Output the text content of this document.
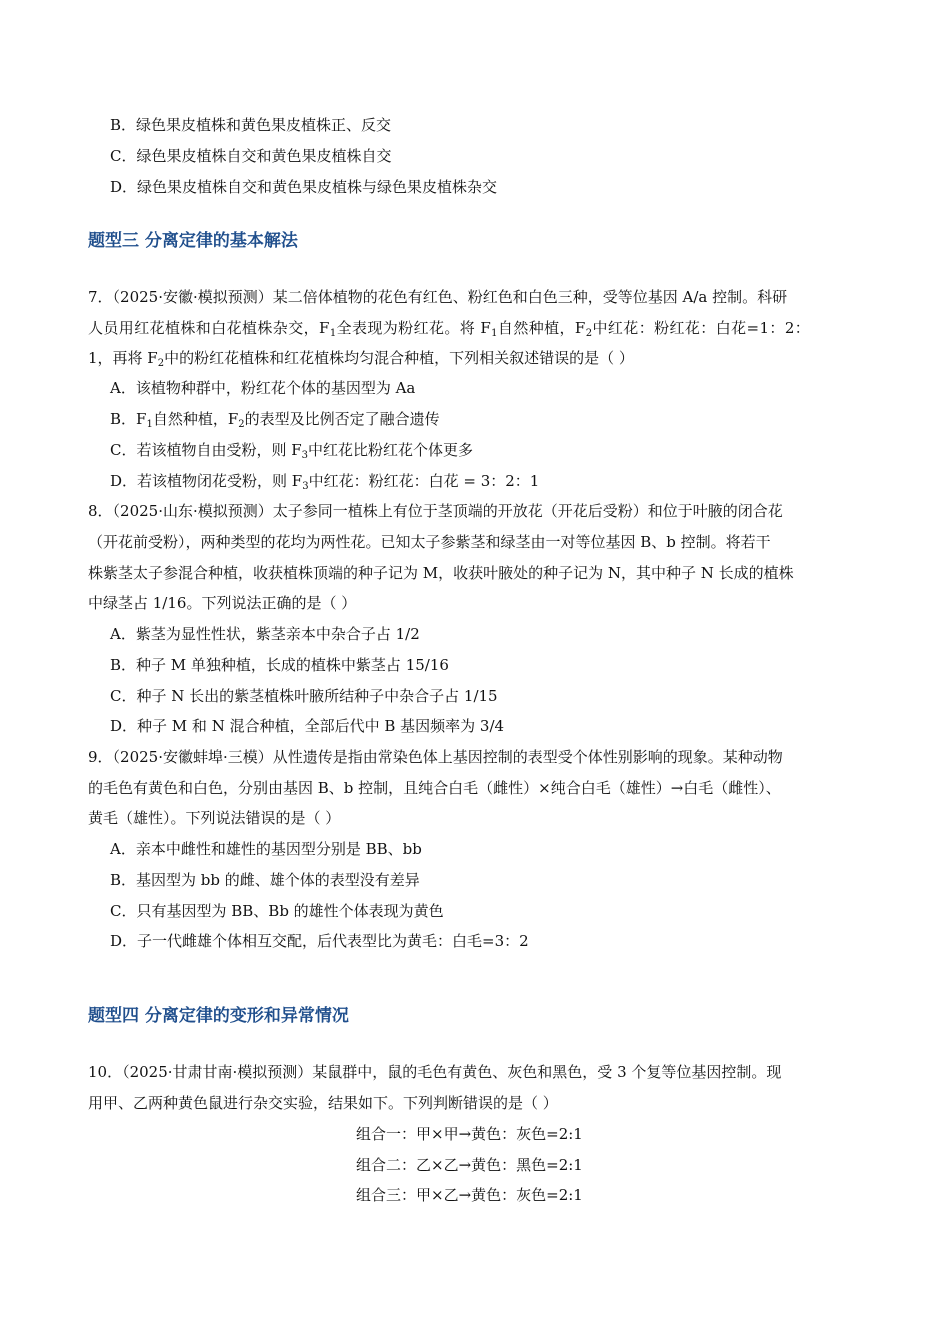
B．绿色果皮植株和黄色果皮植株正、反交
C．绿色果皮植株自交和黄色果皮植株自交
D．绿色果皮植株自交和黄色果皮植株与绿色果皮植株杂交
题型三 分离定律的基本解法
7．（2025·安徽·模拟预测）某二倍体植物的花色有红色、粉红色和白色三种，受等位基因 A/a 控制。科研
人员用红花植株和白花植株杂交，$F_1$全表现为粉红花。将 $F_1$自然种植，$F_2$中红花：粉红花：白花=1：2：
1，再将 $F_2$中的粉红花植株和红花植株均匀混合种植，下列相关叙述错误的是（ ）
A．该植物种群中，粉红花个体的基因型为 Aa
B．$F_1$自然种植，$F_2$的表型及比例否定了融合遗传
C．若该植物自由受粉，则 $F_3$中红花比粉红花个体更多
D．若该植物闭花受粉，则 $F_3$中红花：粉红花：白花 = 3：2：1
8．（2025·山东·模拟预测）太子参同一植株上有位于茎顶端的开放花（开花后受粉）和位于叶腋的闭合花
（开花前受粉），两种类型的花均为两性花。已知太子参紫茎和绿茎由一对等位基因 B、b 控制。将若干
株紫茎太子参混合种植，收获植株顶端的种子记为 M，收获叶腋处的种子记为 N，其中种子 N 长成的植株
中绿茎占 1/16。下列说法正确的是（ ）
A．紫茎为显性性状，紫茎亲本中杂合子占 1/2
B．种子 M 单独种植，长成的植株中紫茎占 15/16
C．种子 N 长出的紫茎植株叶腋所结种子中杂合子占 1/15
D．种子 M 和 N 混合种植，全部后代中 B 基因频率为 3/4
9．（2025·安徽蚌埠·三模）从性遗传是指由常染色体上基因控制的表型受个体性别影响的现象。某种动物
的毛色有黄色和白色，分别由基因 B、b 控制，且纯合白毛（雌性）×纯合白毛（雄性）→白毛（雌性）、
黄毛（雄性）。下列说法错误的是（ ）
A．亲本中雌性和雄性的基因型分别是 BB、bb
B．基因型为 bb 的雌、雄个体的表型没有差异
C．只有基因型为 BB、Bb 的雄性个体表现为黄色
D．子一代雌雄个体相互交配，后代表型比为黄毛：白毛=3：2
题型四 分离定律的变形和异常情况
10．（2025·甘肃甘南·模拟预测）某鼠群中，鼠的毛色有黄色、灰色和黑色，受 3 个复等位基因控制。现
用甲、乙两种黄色鼠进行杂交实验，结果如下。下列判断错误的是（ ）
组合一：甲×甲→黄色：灰色=2:1
组合二：乙×乙→黄色：黑色=2:1
组合三：甲×乙→黄色：灰色=2:1
